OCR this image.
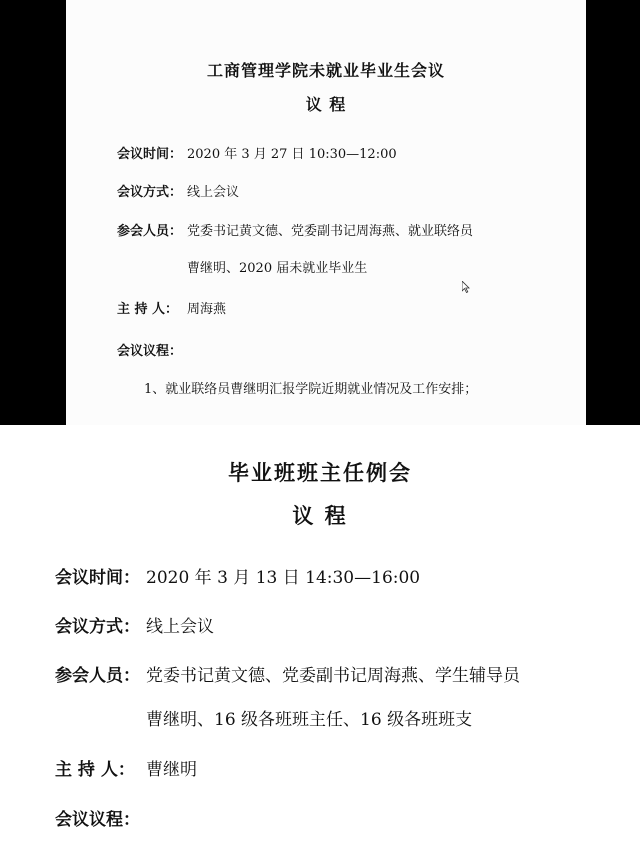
工商管理学院未就业毕业生会议
议 程
会议时间： 2020 年 3 月 27 日 10:30—12:00
会议方式： 线上会议
参会人员： 党委书记黄文德、党委副书记周海燕、就业联络员
曹继明、2020 届未就业毕业生
主 持 人： 周海燕
会议议程：
1、就业联络员曹继明汇报学院近期就业情况及工作安排；
毕业班班主任例会
议 程
会议时间： 2020 年 3 月 13 日 14:30—16:00
会议方式： 线上会议
参会人员： 党委书记黄文德、党委副书记周海燕、学生辅导员
曹继明、16 级各班班主任、16 级各班班支
主 持 人： 曹继明
会议议程：
